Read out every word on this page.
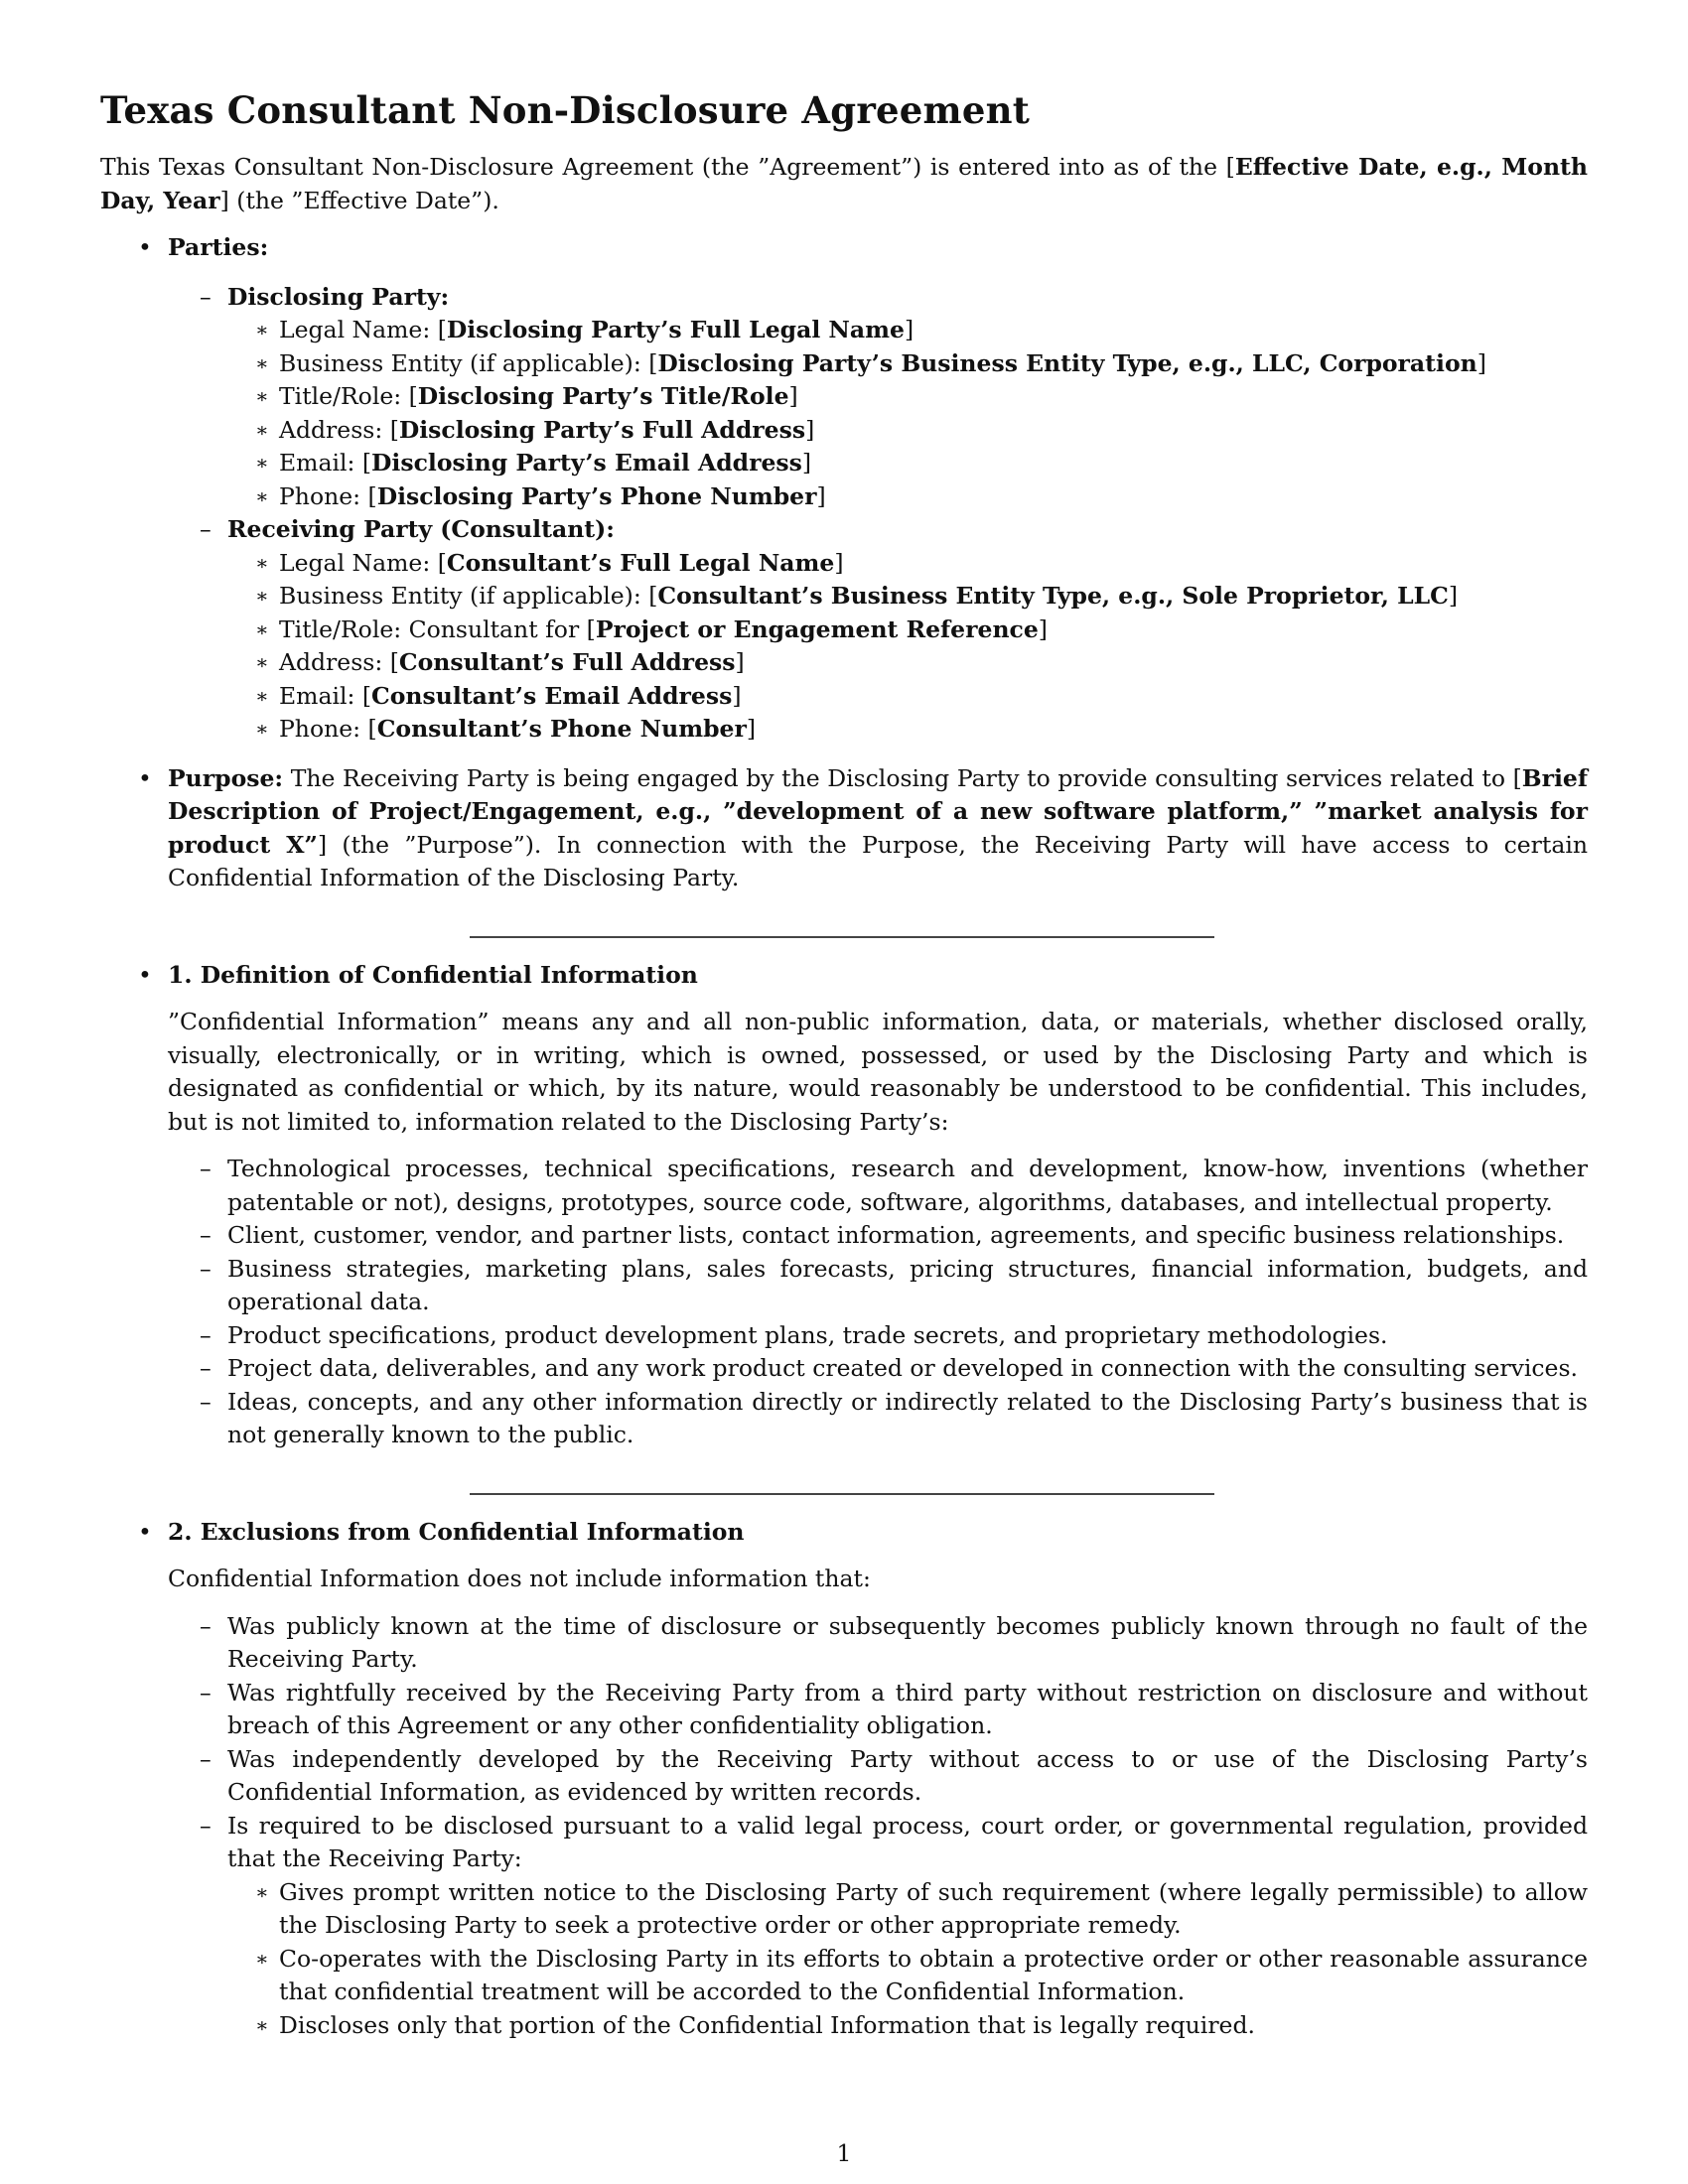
Texas Consultant Non-Disclosure Agreement

This Texas Consultant Non-Disclosure Agreement (the ”Agreement”) is entered into as of the [Effective Date, e.g., Month Day, Year] (the ”Effective Date”).

• Parties:
– Disclosing Party:
∗ Legal Name: [Disclosing Party’s Full Legal Name]
∗ Business Entity (if applicable): [Disclosing Party’s Business Entity Type, e.g., LLC, Corporation]
∗ Title/Role: [Disclosing Party’s Title/Role]
∗ Address: [Disclosing Party’s Full Address]
∗ Email: [Disclosing Party’s Email Address]
∗ Phone: [Disclosing Party’s Phone Number]
– Receiving Party (Consultant):
∗ Legal Name: [Consultant’s Full Legal Name]
∗ Business Entity (if applicable): [Consultant’s Business Entity Type, e.g., Sole Proprietor, LLC]
∗ Title/Role: Consultant for [Project or Engagement Reference]
∗ Address: [Consultant’s Full Address]
∗ Email: [Consultant’s Email Address]
∗ Phone: [Consultant’s Phone Number]
• Purpose: The Receiving Party is being engaged by the Disclosing Party to provide consulting services related to [Brief Description of Project/Engagement, e.g., ”development of a new software platform,” ”market analysis for product X”] (the ”Purpose”). In connection with the Purpose, the Receiving Party will have access to certain Confidential Information of the Disclosing Party.

• 1. Definition of Confidential Information

”Confidential Information” means any and all non-public information, data, or materials, whether disclosed orally, visually, electronically, or in writing, which is owned, possessed, or used by the Disclosing Party and which is designated as confidential or which, by its nature, would reasonably be understood to be confidential. This includes, but is not limited to, information related to the Disclosing Party’s:

– Technological processes, technical specifications, research and development, know-how, inventions (whether patentable or not), designs, prototypes, source code, software, algorithms, databases, and intellectual property.
– Client, customer, vendor, and partner lists, contact information, agreements, and specific business relationships.
– Business strategies, marketing plans, sales forecasts, pricing structures, financial information, budgets, and operational data.
– Product specifications, product development plans, trade secrets, and proprietary methodologies.
– Project data, deliverables, and any work product created or developed in connection with the consulting services.
– Ideas, concepts, and any other information directly or indirectly related to the Disclosing Party’s business that is not generally known to the public.
• 2. Exclusions from Confidential Information

Confidential Information does not include information that:

– Was publicly known at the time of disclosure or subsequently becomes publicly known through no fault of the Receiving Party.
– Was rightfully received by the Receiving Party from a third party without restriction on disclosure and without breach of this Agreement or any other confidentiality obligation.
– Was independently developed by the Receiving Party without access to or use of the Disclosing Party’s Confidential Information, as evidenced by written records.
– Is required to be disclosed pursuant to a valid legal process, court order, or governmental regulation, provided that the Receiving Party:
∗ Gives prompt written notice to the Disclosing Party of such requirement (where legally permissible) to allow the Disclosing Party to seek a protective order or other appropriate remedy.
∗ Co-operates with the Disclosing Party in its efforts to obtain a protective order or other reasonable assurance that confidential treatment will be accorded to the Confidential Information.
∗ Discloses only that portion of the Confidential Information that is legally required.
1
